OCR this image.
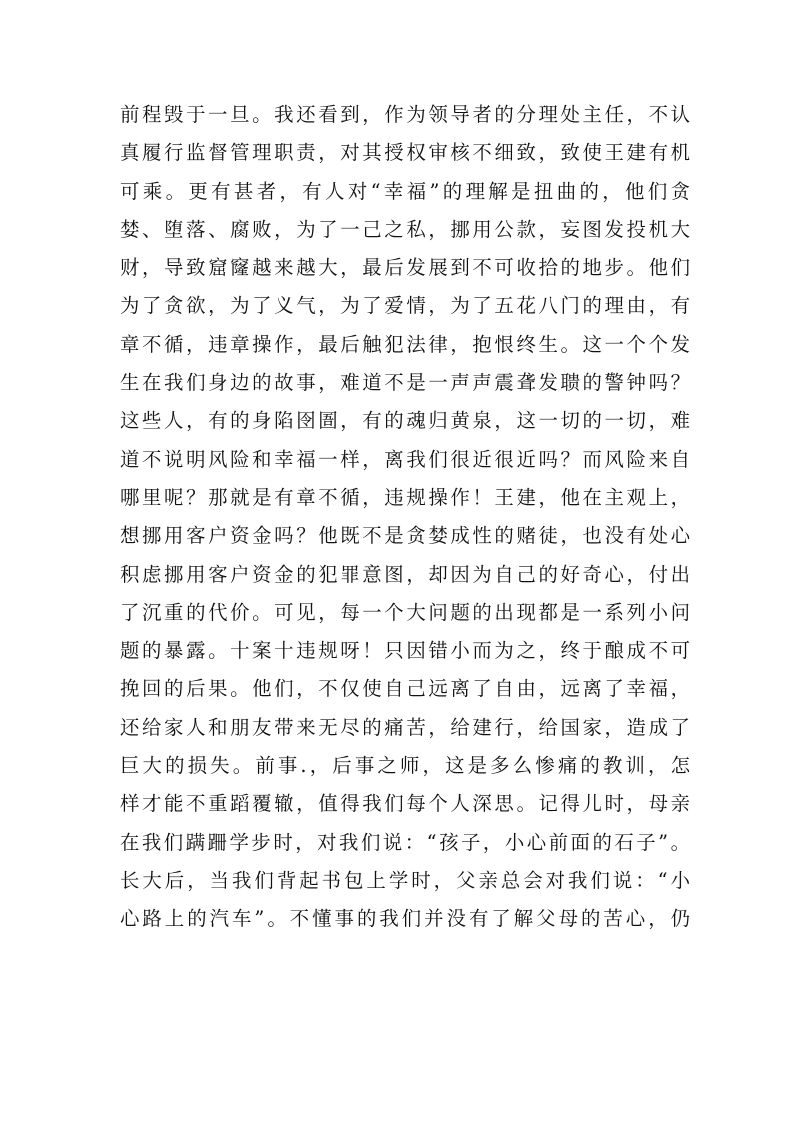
前程毁于一旦。我还看到，作为领导者的分理处主任，不认
真履行监督管理职责，对其授权审核不细致，致使王建有机
可乘。更有甚者，有人对“幸福”的理解是扭曲的，他们贪
婪、堕落、腐败，为了一己之私，挪用公款，妄图发投机大
财，导致窟窿越来越大，最后发展到不可收拾的地步。他们
为了贪欲，为了义气，为了爱情，为了五花八门的理由，有
章不循，违章操作，最后触犯法律，抱恨终生。这一个个发
生在我们身边的故事，难道不是一声声震聋发聩的警钟吗？
这些人，有的身陷囹圄，有的魂归黄泉，这一切的一切，难
道不说明风险和幸福一样，离我们很近很近吗？而风险来自
哪里呢？那就是有章不循，违规操作！王建，他在主观上，
想挪用客户资金吗？他既不是贪婪成性的赌徒，也没有处心
积虑挪用客户资金的犯罪意图，却因为自己的好奇心，付出
了沉重的代价。可见，每一个大问题的出现都是一系列小问
题的暴露。十案十违规呀！只因错小而为之，终于酿成不可
挽回的后果。他们，不仅使自己远离了自由，远离了幸福，
还给家人和朋友带来无尽的痛苦，给建行，给国家，造成了
巨大的损失。前事.，后事之师，这是多么惨痛的教训，怎
样才能不重蹈覆辙，值得我们每个人深思。记得儿时，母亲
在我们蹒跚学步时，对我们说：“孩子，小心前面的石子”。
长大后，当我们背起书包上学时，父亲总会对我们说：“小
心路上的汽车”。不懂事的我们并没有了解父母的苦心，仍
